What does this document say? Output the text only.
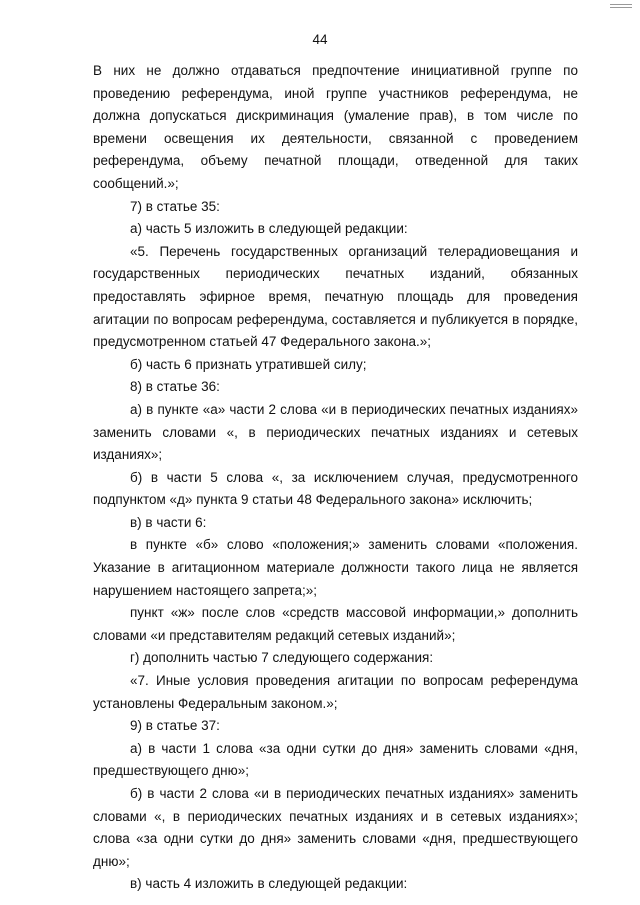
44

В них не должно отдаваться предпочтение инициативной группе по проведению референдума, иной группе участников референдума, не должна допускаться дискриминация (умаление прав), в том числе по времени освещения их деятельности, связанной с проведением референдума, объему печатной площади, отведенной для таких сообщений.»;

7) в статье 35:

а) часть 5 изложить в следующей редакции:

«5. Перечень государственных организаций телерадиовещания и государственных периодических печатных изданий, обязанных предоставлять эфирное время, печатную площадь для проведения агитации по вопросам референдума, составляется и публикуется в порядке, предусмотренном статьей 47 Федерального закона.»;

б) часть 6 признать утратившей силу;

8) в статье 36:

а) в пункте «а» части 2 слова «и в периодических печатных изданиях» заменить словами «, в периодических печатных изданиях и сетевых изданиях»;

б) в части 5 слова «, за исключением случая, предусмотренного подпунктом «д» пункта 9 статьи 48 Федерального закона» исключить;

в) в части 6:

в пункте «б» слово «положения;» заменить словами «положения. Указание в агитационном материале должности такого лица не является нарушением настоящего запрета;»;

пункт «ж» после слов «средств массовой информации,» дополнить словами «и представителям редакций сетевых изданий»;

г) дополнить частью 7 следующего содержания:

«7. Иные условия проведения агитации по вопросам референдума установлены Федеральным законом.»;

9) в статье 37:

а) в части 1 слова «за одни сутки до дня» заменить словами «дня, предшествующего дню»;

б) в части 2 слова «и в периодических печатных изданиях» заменить словами «, в периодических печатных изданиях и в сетевых изданиях»; слова «за одни сутки до дня» заменить словами «дня, предшествующего дню»;

в) часть 4 изложить в следующей редакции:
